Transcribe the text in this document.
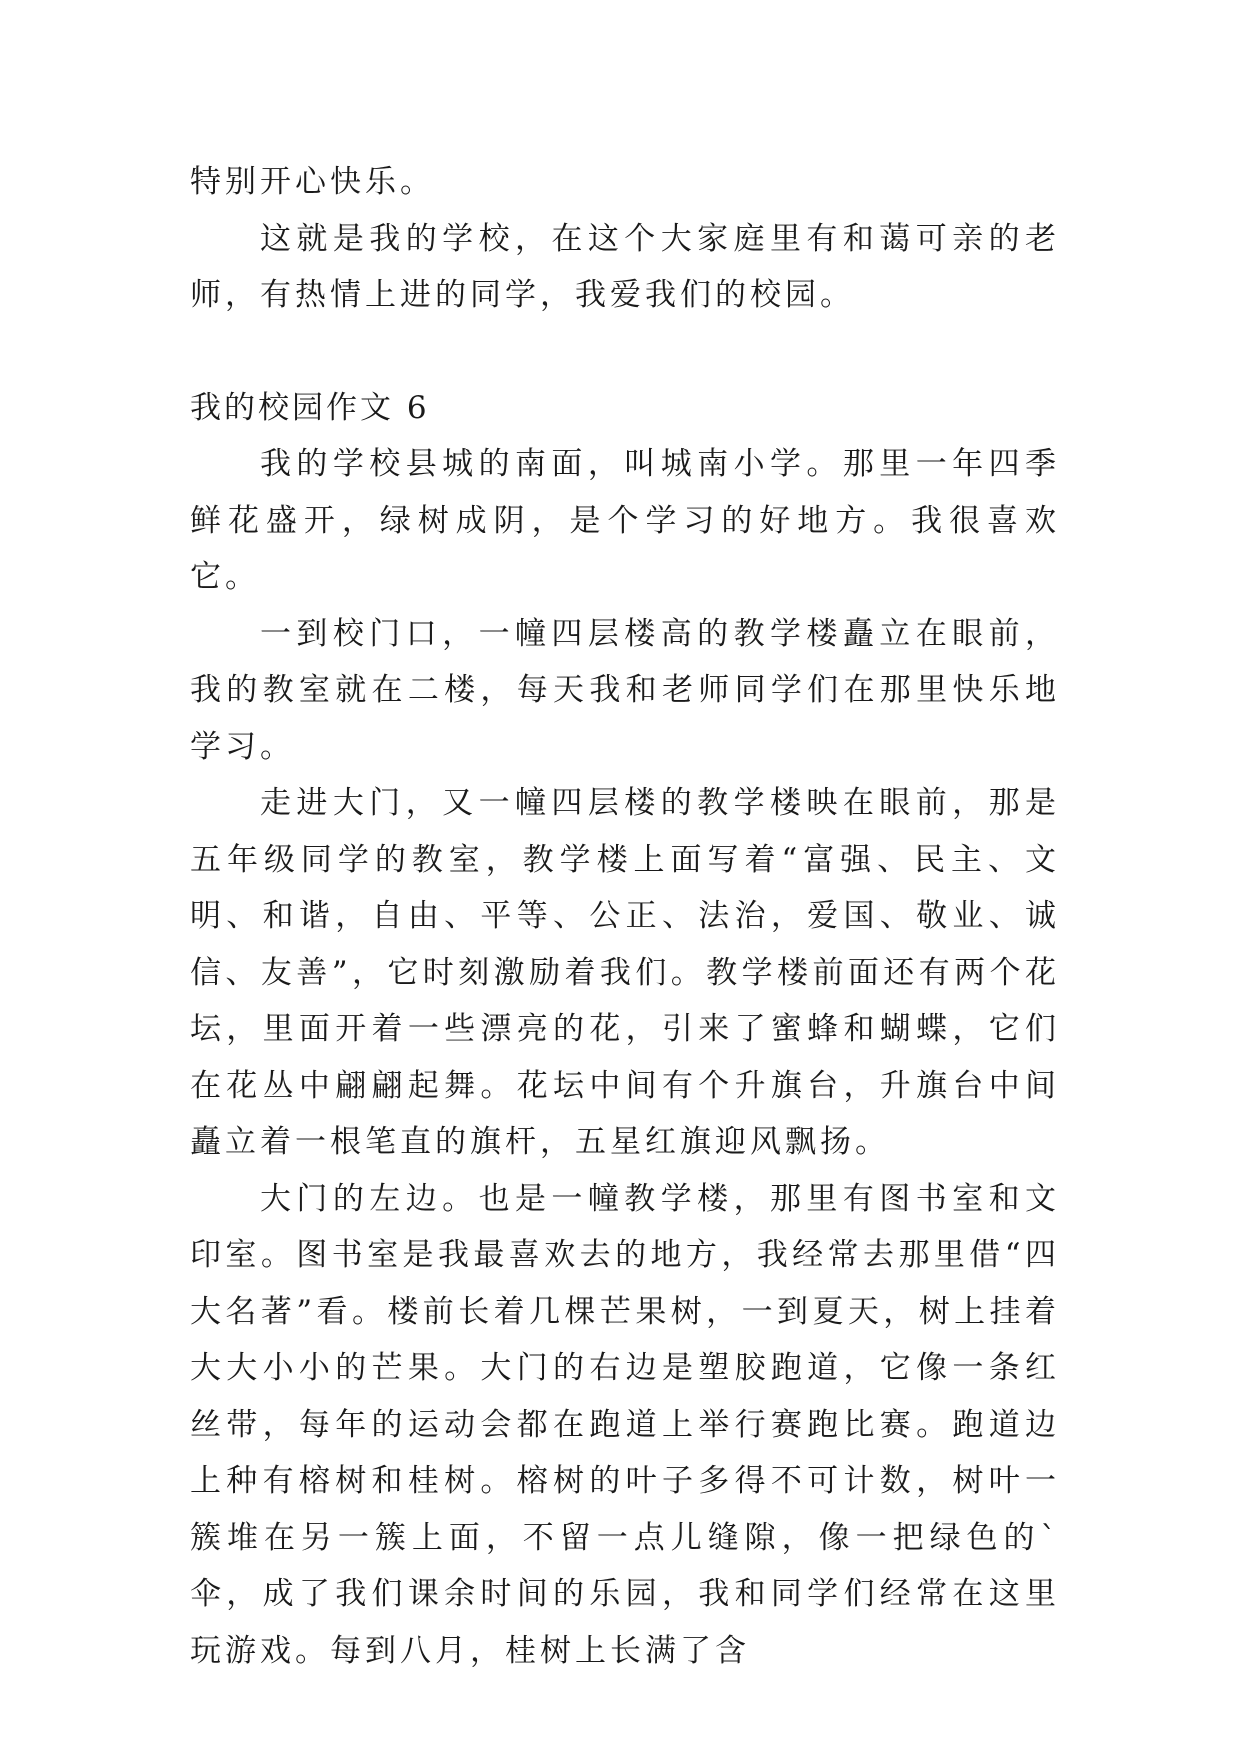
特别开心快乐。

这就是我的学校，在这个大家庭里有和蔼可亲的老师，有热情上进的同学，我爱我们的校园。

我的校园作文 6

我的学校县城的南面，叫城南小学。那里一年四季鲜花盛开，绿树成阴，是个学习的好地方。我很喜欢它。

一到校门口，一幢四层楼高的教学楼矗立在眼前，我的教室就在二楼，每天我和老师同学们在那里快乐地学习。

走进大门，又一幢四层楼的教学楼映在眼前，那是五年级同学的教室，教学楼上面写着“富强、民主、文明、和谐，自由、平等、公正、法治，爱国、敬业、诚信、友善”，它时刻激励着我们。教学楼前面还有两个花坛，里面开着一些漂亮的花，引来了蜜蜂和蝴蝶，它们在花丛中翩翩起舞。花坛中间有个升旗台，升旗台中间矗立着一根笔直的旗杆，五星红旗迎风飘扬。

大门的左边。也是一幢教学楼，那里有图书室和文印室。图书室是我最喜欢去的地方，我经常去那里借“四大名著”看。楼前长着几棵芒果树，一到夏天，树上挂着大大小小的芒果。大门的右边是塑胶跑道，它像一条红丝带，每年的运动会都在跑道上举行赛跑比赛。跑道边上种有榕树和桂树。榕树的叶子多得不可计数，树叶一簇堆在另一簇上面，不留一点儿缝隙，像一把绿色的`伞，成了我们课余时间的乐园，我和同学们经常在这里玩游戏。每到八月，桂树上长满了含
